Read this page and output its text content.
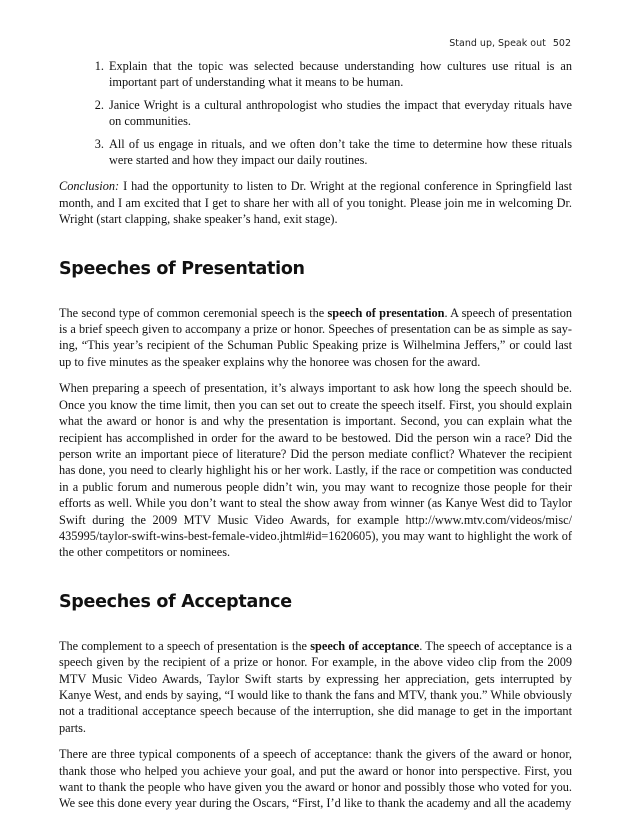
Stand up, Speak out 502
1. Explain that the topic was selected because understanding how cultures use ritual is an important part of understanding what it means to be human.
2. Janice Wright is a cultural anthropologist who studies the impact that everyday rituals have on communities.
3. All of us engage in rituals, and we often don’t take the time to determine how these rituals were started and how they impact our daily routines.

Conclusion: I had the opportunity to listen to Dr. Wright at the regional conference in Springfield last month, and I am excited that I get to share her with all of you tonight. Please join me in welcoming Dr. Wright (start clapping, shake speaker’s hand, exit stage).

Speeches of Presentation

The second type of common ceremonial speech is the speech of presentation. A speech of presentation is a brief speech given to accompany a prize or honor. Speeches of presentation can be as simple as saying, “This year’s recipient of the Schuman Public Speaking prize is Wilhelmina Jeffers,” or could last up to five minutes as the speaker explains why the honoree was chosen for the award.

When preparing a speech of presentation, it’s always important to ask how long the speech should be. Once you know the time limit, then you can set out to create the speech itself. First, you should explain what the award or honor is and why the presentation is important. Second, you can explain what the recipient has accomplished in order for the award to be bestowed. Did the person win a race? Did the person write an important piece of literature? Did the person mediate conflict? Whatever the recipient has done, you need to clearly highlight his or her work. Lastly, if the race or competition was conducted in a public forum and numerous people didn’t win, you may want to recognize those people for their efforts as well. While you don’t want to steal the show away from winner (as Kanye West did to Taylor Swift during the 2009 MTV Music Video Awards, for example http://www.mtv.com/videos/misc/​435995/taylor-swift-wins-best-female-video.jhtml#id=1620605), you may want to highlight the work of the other competitors or nominees.

Speeches of Acceptance

The complement to a speech of presentation is the speech of acceptance. The speech of acceptance is a speech given by the recipient of a prize or honor. For example, in the above video clip from the 2009 MTV Music Video Awards, Taylor Swift starts by expressing her appreciation, gets interrupted by Kanye West, and ends by saying, “I would like to thank the fans and MTV, thank you.” While obviously not a traditional acceptance speech because of the interruption, she did manage to get in the important parts.

There are three typical components of a speech of acceptance: thank the givers of the award or honor, thank those who helped you achieve your goal, and put the award or honor into perspective. First, you want to thank the people who have given you the award or honor and possibly those who voted for you. We see this done every year during the Oscars, “First, I’d like to thank the academy and all the academy
